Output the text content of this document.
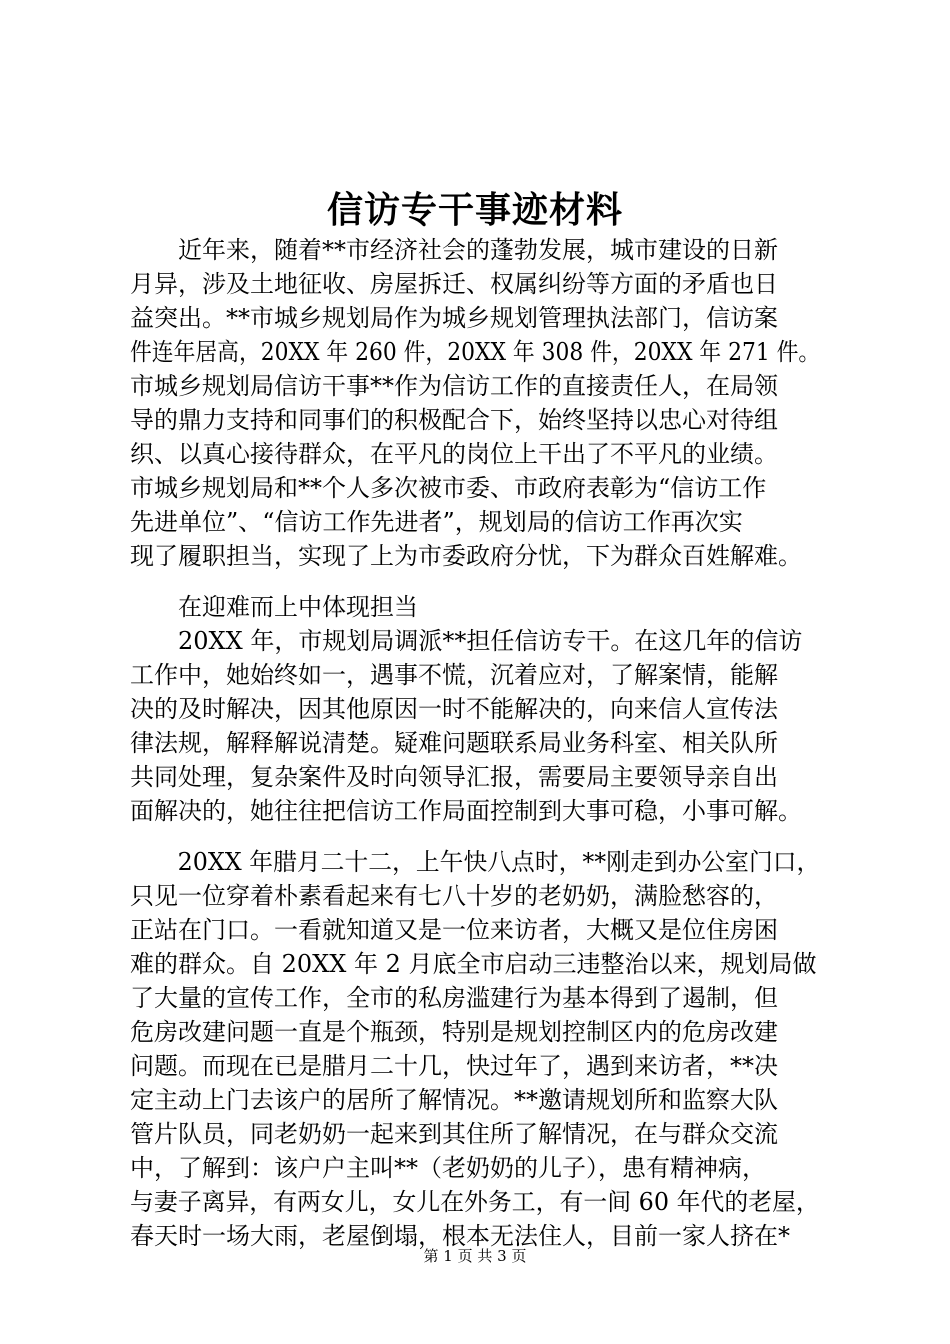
信访专干事迹材料
　　近年来，随着**市经济社会的蓬勃发展，城市建设的日新
月异，涉及土地征收、房屋拆迁、权属纠纷等方面的矛盾也日
益突出。**市城乡规划局作为城乡规划管理执法部门，信访案
件连年居高，20XX 年 260 件，20XX 年 308 件，20XX 年 271 件。
市城乡规划局信访干事**作为信访工作的直接责任人，在局领
导的鼎力支持和同事们的积极配合下，始终坚持以忠心对待组
织、以真心接待群众，在平凡的岗位上干出了不平凡的业绩。
市城乡规划局和**个人多次被市委、市政府表彰为“信访工作
先进单位”、“信访工作先进者”，规划局的信访工作再次实
现了履职担当，实现了上为市委政府分忧，下为群众百姓解难。
　　在迎难而上中体现担当
　　20XX 年，市规划局调派**担任信访专干。在这几年的信访
工作中，她始终如一，遇事不慌，沉着应对，了解案情，能解
决的及时解决，因其他原因一时不能解决的，向来信人宣传法
律法规，解释解说清楚。疑难问题联系局业务科室、相关队所
共同处理，复杂案件及时向领导汇报，需要局主要领导亲自出
面解决的，她往往把信访工作局面控制到大事可稳，小事可解。
　　20XX 年腊月二十二，上午快八点时，**刚走到办公室门口，
只见一位穿着朴素看起来有七八十岁的老奶奶，满脸愁容的，
正站在门口。一看就知道又是一位来访者，大概又是位住房困
难的群众。自 20XX 年 2 月底全市启动三违整治以来，规划局做
了大量的宣传工作，全市的私房滥建行为基本得到了遏制，但
危房改建问题一直是个瓶颈，特别是规划控制区内的危房改建
问题。而现在已是腊月二十几，快过年了，遇到来访者，**决
定主动上门去该户的居所了解情况。**邀请规划所和监察大队
管片队员，同老奶奶一起来到其住所了解情况，在与群众交流
中，了解到：该户户主叫**（老奶奶的儿子），患有精神病，
与妻子离异，有两女儿，女儿在外务工，有一间 60 年代的老屋，
春天时一场大雨，老屋倒塌，根本无法住人，目前一家人挤在*
第 1 页 共 3 页
